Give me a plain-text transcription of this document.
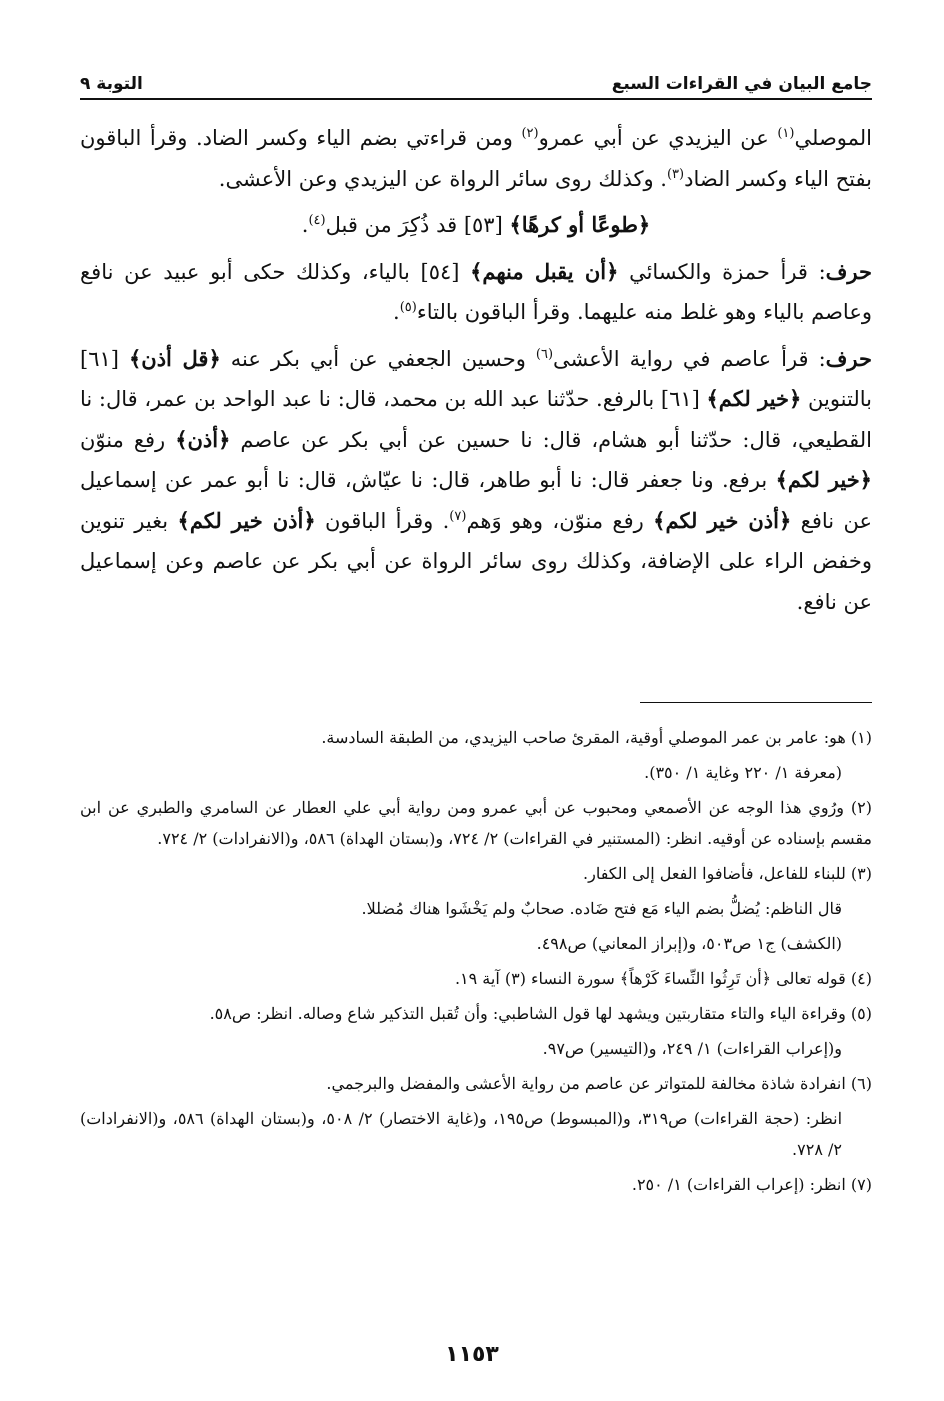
جامع البيان في القراءات السبع
التوبة ٩

الموصلي$^{(١)}$ عن اليزيدي عن أبي عمرو$^{(٢)}$ ومن قراءتي بضم الياء وكسر الضاد. وقرأ الباقون بفتح الياء وكسر الضاد$^{(٣)}$. وكذلك روى سائر الرواة عن اليزيدي وعن الأعشى.

﴿طوعًا أو كرهًا﴾ [٥٣] قد ذُكِرَ من قبل$^{(٤)}$.

حرف: قرأ حمزة والكسائي ﴿أن يقبل منهم﴾ [٥٤] بالياء، وكذلك حكى أبو عبيد عن نافع وعاصم بالياء وهو غلط منه عليهما. وقرأ الباقون بالتاء$^{(٥)}$.

حرف: قرأ عاصم في رواية الأعشى$^{(٦)}$ وحسين الجعفي عن أبي بكر عنه ﴿قل أذن﴾ [٦١] بالتنوين ﴿خير لكم﴾ [٦١] بالرفع. حدّثنا عبد الله بن محمد، قال: نا عبد الواحد بن عمر، قال: نا القطيعي، قال: حدّثنا أبو هشام، قال: نا حسين عن أبي بكر عن عاصم ﴿أذن﴾ رفع منوّن ﴿خير لكم﴾ برفع. ونا جعفر قال: نا أبو طاهر، قال: نا عيّاش، قال: نا أبو عمر عن إسماعيل عن نافع ﴿أذن خير لكم﴾ رفع منوّن، وهو وَهم$^{(٧)}$. وقرأ الباقون ﴿أذن خير لكم﴾ بغير تنوين وخفض الراء على الإضافة، وكذلك روى سائر الرواة عن أبي بكر عن عاصم وعن إسماعيل عن نافع.

(١) هو: عامر بن عمر الموصلي أوقية، المقرئ صاحب اليزيدي، من الطبقة السادسة.
(معرفة ١/ ٢٢٠ وغاية ١/ ٣٥٠).
(٢) ورُوي هذا الوجه عن الأصمعي ومحبوب عن أبي عمرو ومن رواية أبي علي العطار عن السامري والطبري عن ابن مقسم بإسناده عن أوقيه. انظر: (المستنير في القراءات) ٢/ ٧٢٤، و(بستان الهداة) ٥٨٦، و(الانفرادات) ٢/ ٧٢٤.
(٣) للبناء للفاعل، فأضافوا الفعل إلى الكفار.
قال الناظم: يُضلُّ بضم الياء مَع فتح ضَاده. صحابٌ ولم يَخْشَوا هناك مُضللا.
(الكشف) ج١ ص٥٠٣، و(إبراز المعاني) ص٤٩٨.
(٤) قوله تعالى ﴿أن تَرِثُوا النِّساءَ كَرْهاً﴾ سورة النساء (٣) آية ١٩.
(٥) وقراءة الياء والتاء متقاربتين ويشهد لها قول الشاطبي: وأن تُقبل التذكير شاع وصاله. انظر: ص٥٨.
و(إعراب القراءات) ١/ ٢٤٩، و(التيسير) ص٩٧.
(٦) انفرادة شاذة مخالفة للمتواتر عن عاصم من رواية الأعشى والمفضل والبرجمي.
انظر: (حجة القراءات) ص٣١٩، و(المبسوط) ص١٩٥، و(غاية الاختصار) ٢/ ٥٠٨، و(بستان الهداة) ٥٨٦، و(الانفرادات) ٢/ ٧٢٨.
(٧) انظر: (إعراب القراءات) ١/ ٢٥٠.
١١٥٣
